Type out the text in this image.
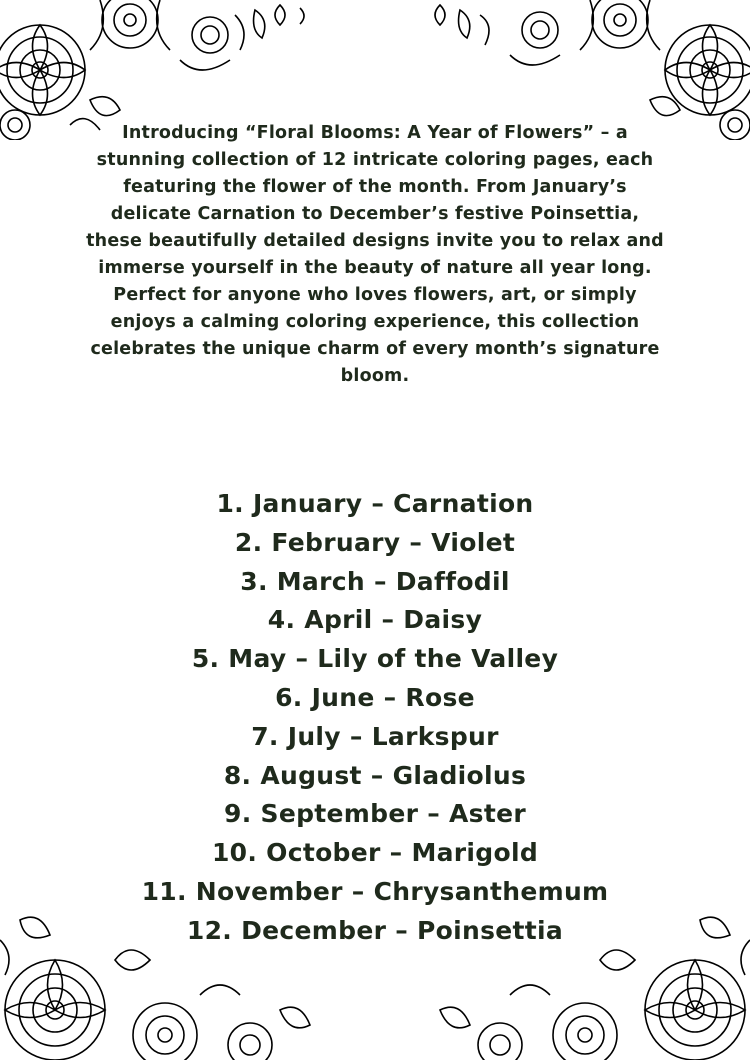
Introducing “Floral Blooms: A Year of Flowers” – a stunning collection of 12 intricate coloring pages, each featuring the flower of the month. From January’s delicate Carnation to December’s festive Poinsettia, these beautifully detailed designs invite you to relax and immerse yourself in the beauty of nature all year long. Perfect for anyone who loves flowers, art, or simply enjoys a calming coloring experience, this collection celebrates the unique charm of every month’s signature bloom.

1. January – Carnation
2. February – Violet
3. March – Daffodil
4. April – Daisy
5. May – Lily of the Valley
6. June – Rose
7. July – Larkspur
8. August – Gladiolus
9. September – Aster
10. October – Marigold
11. November – Chrysanthemum
12. December – Poinsettia
